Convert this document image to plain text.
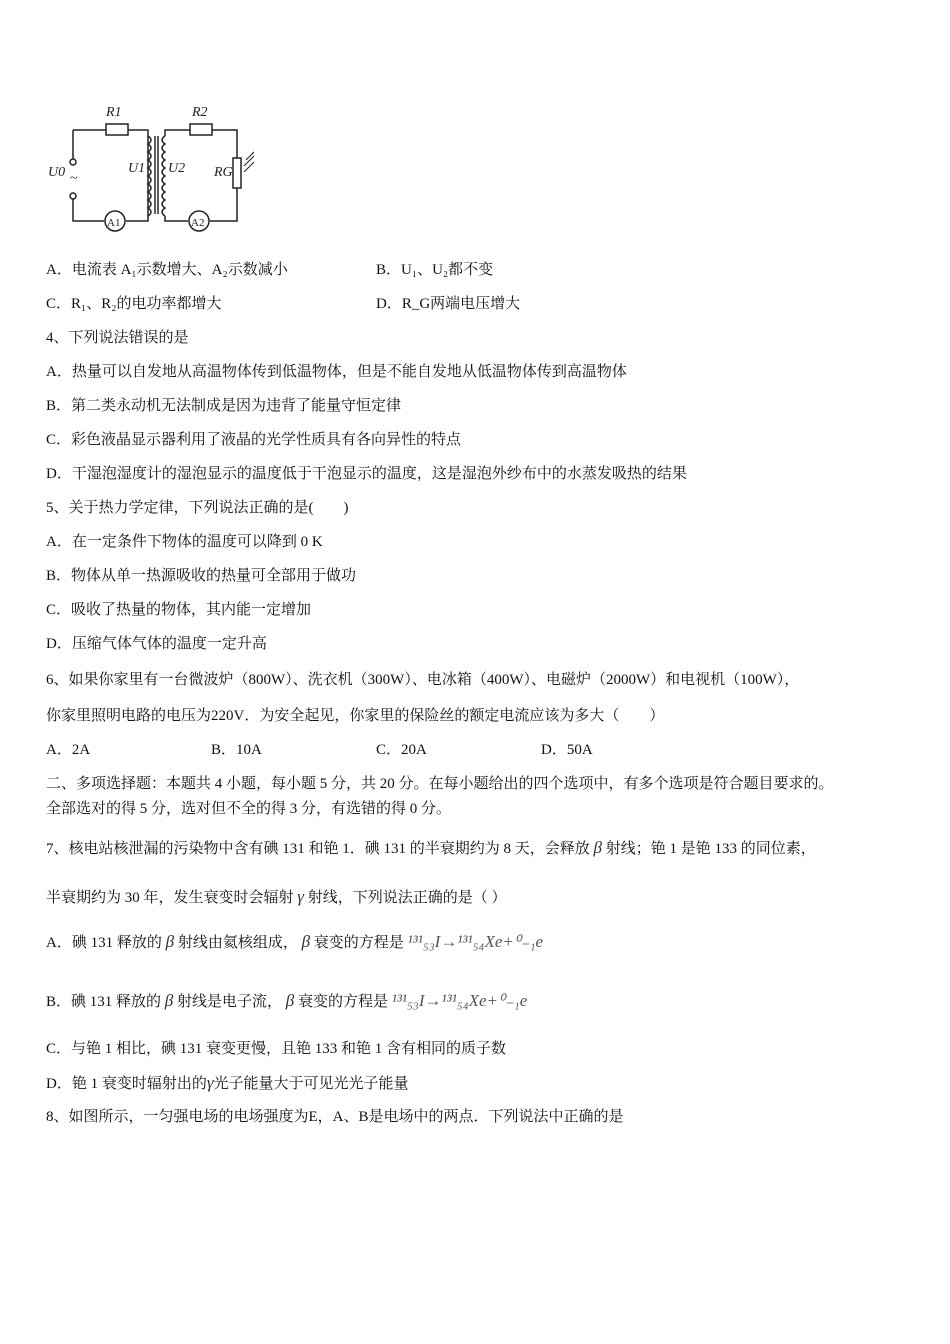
R1	R2
U0	U1 U2 RG
A1	A2
~
A．电流表 A₁示数增大、A₂示数减小	B．U₁、U₂都不变
C．R₁、R₂的电功率都增大	D．R_G两端电压增大
4、下列说法错误的是
A．热量可以自发地从高温物体传到低温物体，但是不能自发地从低温物体传到高温物体
B．第二类永动机无法制成是因为违背了能量守恒定律
C．彩色液晶显示器利用了液晶的光学性质具有各向异性的特点
D．干湿泡湿度计的湿泡显示的温度低于干泡显示的温度，这是湿泡外纱布中的水蒸发吸热的结果
5、关于热力学定律，下列说法正确的是(　　)
A．在一定条件下物体的温度可以降到 0 K
B．物体从单一热源吸收的热量可全部用于做功
C．吸收了热量的物体，其内能一定增加
D．压缩气体气体的温度一定升高
6、如果你家里有一台微波炉（800W）、洗衣机（300W）、电冰箱（400W）、电磁炉（2000W）和电视机（100W），
你家里照明电路的电压为220V．为安全起见，你家里的保险丝的额定电流应该为多大（　　）
A．2A	B．10A	C．20A	D．50A
二、多项选择题：本题共 4 小题，每小题 5 分，共 20 分。在每小题给出的四个选项中，有多个选项是符合题目要求的。
全部选对的得 5 分，选对但不全的得 3 分，有选错的得 0 分。
7、核电站核泄漏的污染物中含有碘 131 和铯 1．碘 131 的半衰期约为 8 天，会释放 β 射线；铯 1 是铯 133 的同位素，
半衰期约为 30 年，发生衰变时会辐射 γ 射线，下列说法正确的是（ ）
A．碘 131 释放的 β 射线由氦核组成， β 衰变的方程是 ¹³¹₅₃I→¹³¹₅₄Xe+⁰₋₁e
B．碘 131 释放的 β 射线是电子流， β 衰变的方程是 ¹³¹₅₃I→¹³¹₅₄Xe+⁰₋₁e
C．与铯 1 相比，碘 131 衰变更慢，且铯 133 和铯 1 含有相同的质子数
D．铯 1 衰变时辐射出的γ光子能量大于可见光光子能量
8、如图所示，一匀强电场的电场强度为E，A、B是电场中的两点．下列说法中正确的是
